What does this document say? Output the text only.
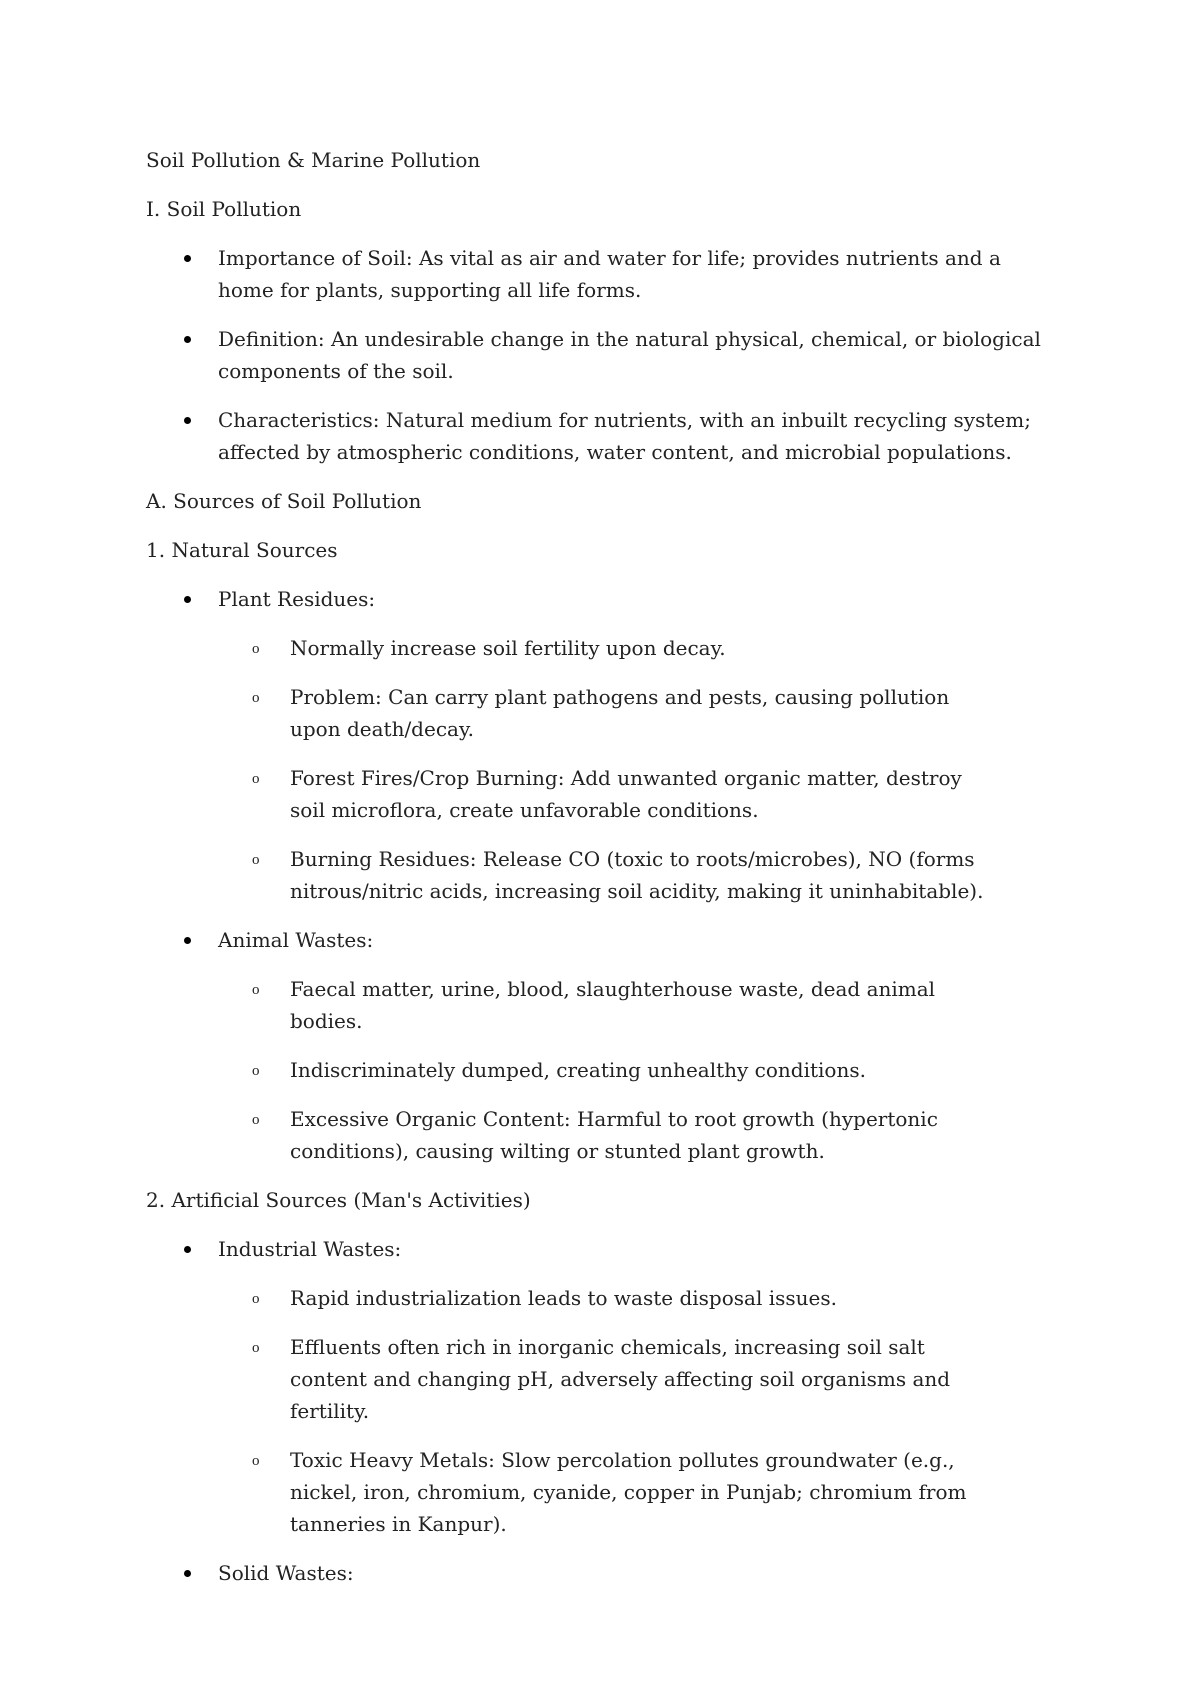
Soil Pollution & Marine Pollution

I. Soil Pollution

Importance of Soil: As vital as air and water for life; provides nutrients and a home for plants, supporting all life forms.
Definition: An undesirable change in the natural physical, chemical, or biological components of the soil.
Characteristics: Natural medium for nutrients, with an inbuilt recycling system; affected by atmospheric conditions, water content, and microbial populations.

A. Sources of Soil Pollution

1. Natural Sources

Plant Residues:
o Normally increase soil fertility upon decay.
o Problem: Can carry plant pathogens and pests, causing pollution upon death/decay.
o Forest Fires/Crop Burning: Add unwanted organic matter, destroy soil microflora, create unfavorable conditions.
o Burning Residues: Release CO (toxic to roots/microbes), NO (forms nitrous/nitric acids, increasing soil acidity, making it uninhabitable).
Animal Wastes:
o Faecal matter, urine, blood, slaughterhouse waste, dead animal bodies.
o Indiscriminately dumped, creating unhealthy conditions.
o Excessive Organic Content: Harmful to root growth (hypertonic conditions), causing wilting or stunted plant growth.

2. Artificial Sources (Man's Activities)

Industrial Wastes:
o Rapid industrialization leads to waste disposal issues.
o Effluents often rich in inorganic chemicals, increasing soil salt content and changing pH, adversely affecting soil organisms and fertility.
o Toxic Heavy Metals: Slow percolation pollutes groundwater (e.g., nickel, iron, chromium, cyanide, copper in Punjab; chromium from tanneries in Kanpur).
Solid Wastes:
